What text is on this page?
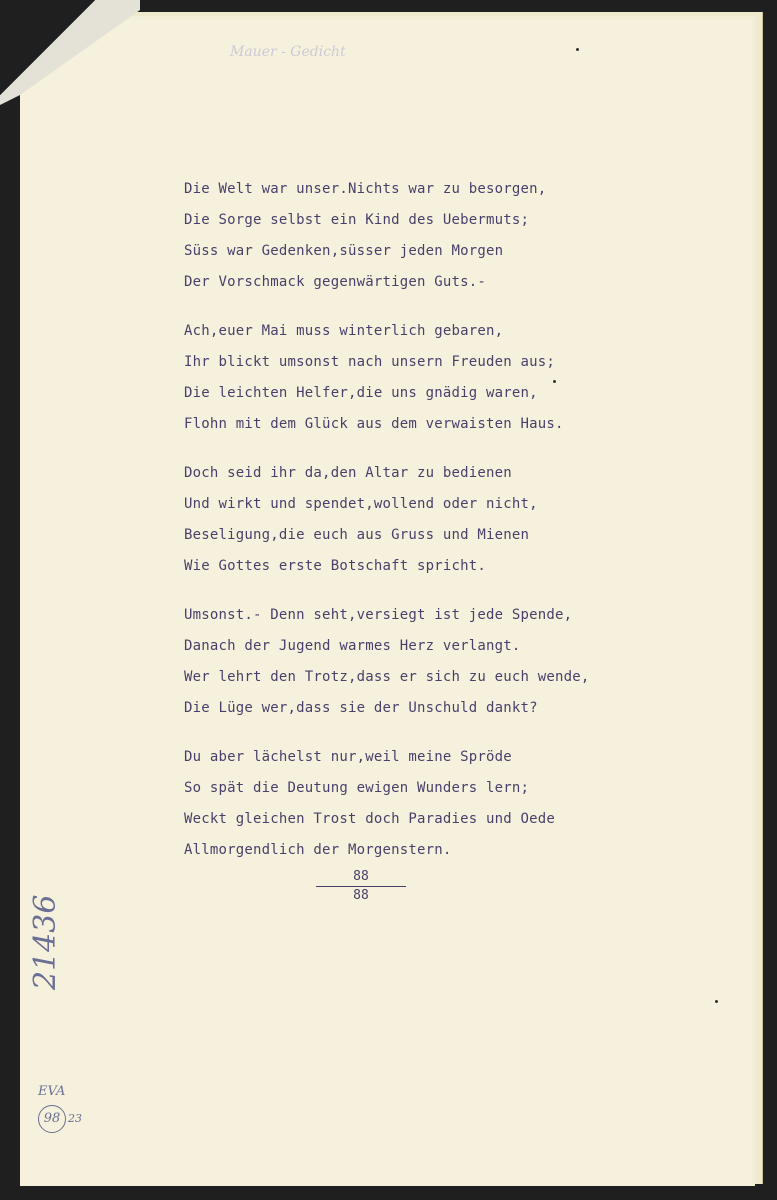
Mauer - Gedicht
Die Welt war unser.Nichts war zu besorgen,
Die Sorge selbst ein Kind des Uebermuts;
Süss war Gedenken,süsser jeden Morgen
Der Vorschmack gegenwärtigen Guts.-
Ach,euer Mai muss winterlich gebaren,
Ihr blickt umsonst nach unsern Freuden aus;
Die leichten Helfer,die uns gnädig waren,
Flohn mit dem Glück aus dem verwaisten Haus.
Doch seid ihr da,den Altar zu bedienen
Und wirkt und spendet,wollend oder nicht,
Beseligung,die euch aus Gruss und Mienen
Wie Gottes erste Botschaft spricht.
Umsonst.- Denn seht,versiegt ist jede Spende,
Danach der Jugend warmes Herz verlangt.
Wer lehrt den Trotz,dass er sich zu euch wende,
Die Lüge wer,dass sie der Unschuld dankt?
Du aber lächelst nur,weil meine Spröde
So spät die Deutung ewigen Wunders lern;
Weckt gleichen Trost doch Paradies und Oede
Allmorgendlich der Morgenstern.
88
88
21436
EVA
98 23
